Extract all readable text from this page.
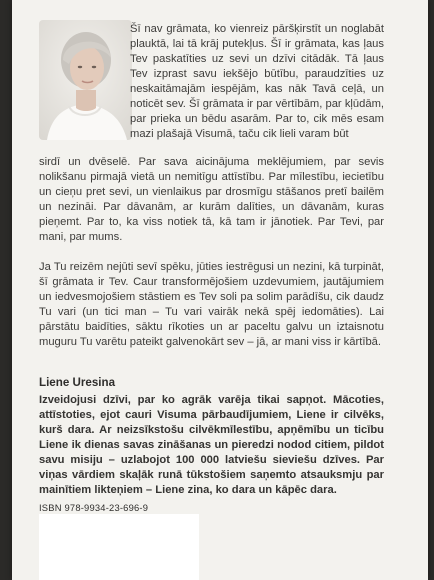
Šī nav grāmata, ko vienreiz pāršķirstīt un noglabāt plauktā, lai tā krāj putekļus. Šī ir grāmata, kas ļaus Tev paskatīties uz sevi un dzīvi citādāk. Tā ļaus Tev izprast savu iekšējo būtību, paraudzīties uz neskaitāmajām iespējām, kas nāk Tavā ceļā, un noticēt sev. Šī grāmata ir par vērtībām, par kļūdām, par prieka un bēdu asarām. Par to, cik mēs esam mazi plašajā Visumā, taču cik lieli varam būt

sirdī un dvēselē. Par sava aicinājuma meklējumiem, par sevis nolikšanu pirmajā vietā un nemitīgu attīstību. Par mīlestību, iecietību un cieņu pret sevi, un vienlaikus par drosmīgu stāšanos pretī bailēm un nezināi. Par dāvanām, ar kurām dalīties, un dāvanām, kuras pieņemt. Par to, ka viss notiek tā, kā tam ir jānotiek. Par Tevi, par mani, par mums.

Ja Tu reizēm nejūti sevī spēku, jūties iestrēgusi un nezini, kā turpināt, šī grāmata ir Tev. Caur transformējošiem uzdevumiem, jautājumiem un iedvesmojošiem stāstiem es Tev soli pa solim parādīšu, cik daudz Tu vari (un tici man – Tu vari vairāk nekā spēj iedomāties). Lai pārstātu baidīties, sāktu rīkoties un ar paceltu galvu un iztaisnotu muguru Tu varētu pateikt galvenokārt sev – jā, ar mani viss ir kārtībā.

Liene Uresina

Izveidojusi dzīvi, par ko agrāk varēja tikai sapņot. Mācoties, attīstoties, ejot cauri Visuma pārbaudījumiem, Liene ir cilvēks, kurš dara. Ar neizsīkstošu cilvēkmīlestību, apņēmību un ticību Liene ik dienas savas zināšanas un pieredzi nodod citiem, pildot savu misiju – uzlabojot 100 000 latviešu sieviešu dzīves. Par viņas vārdiem skaļāk runā tūkstošiem saņemto atsauksmju par mainītiem likteņiem – Liene zina, ko dara un kāpēc dara.

ISBN 978-9934-23-696-9
